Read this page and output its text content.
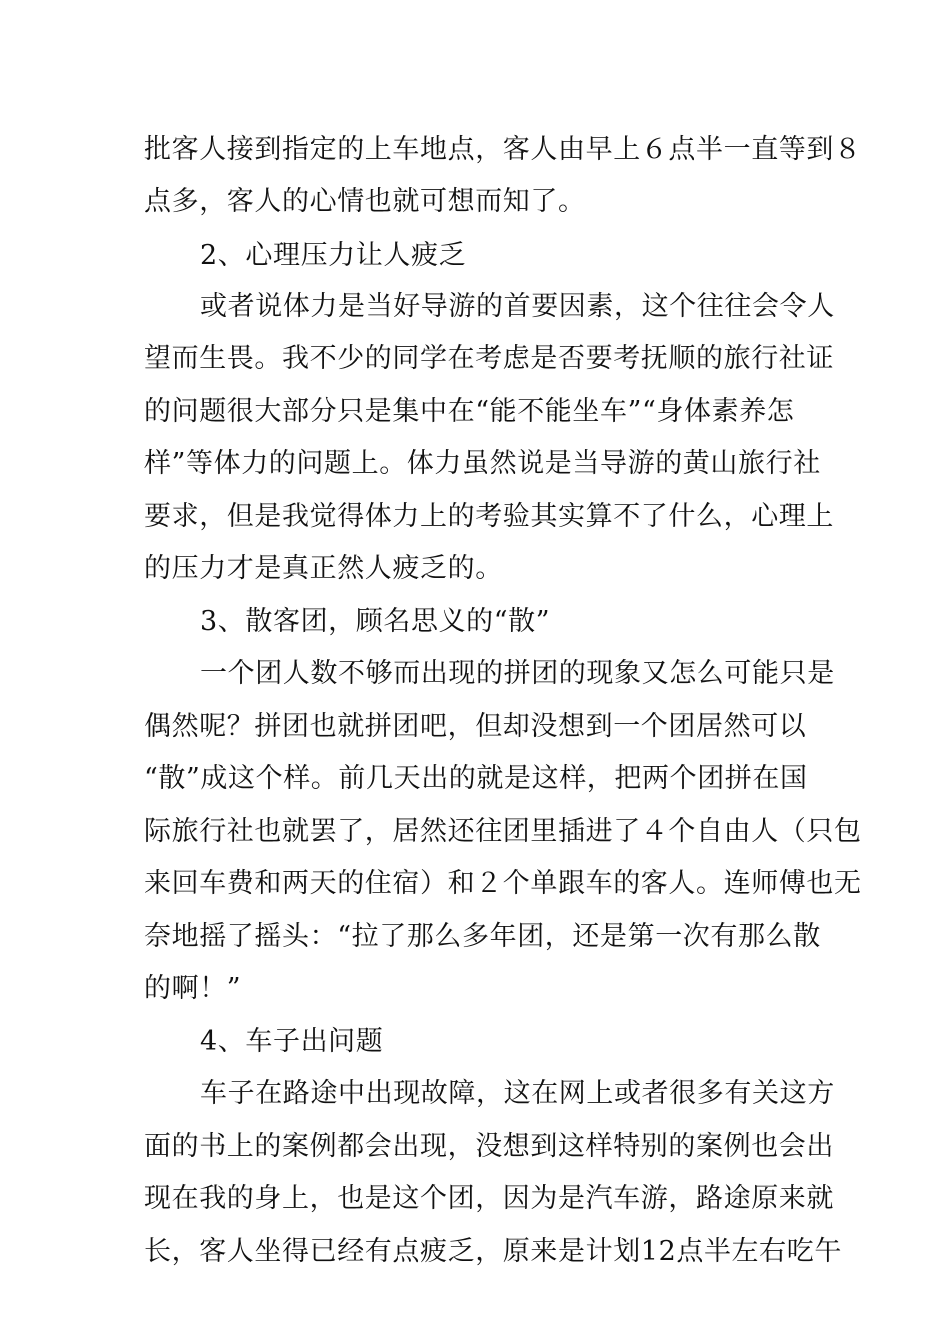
批客人接到指定的上车地点，客人由早上６点半一直等到８
点多，客人的心情也就可想而知了。
2、心理压力让人疲乏
或者说体力是当好导游的首要因素，这个往往会令人
望而生畏。我不少的同学在考虑是否要考抚顺的旅行社证
的问题很大部分只是集中在“能不能坐车”“身体素养怎
样”等体力的问题上。体力虽然说是当导游的黄山旅行社
要求，但是我觉得体力上的考验其实算不了什么，心理上
的压力才是真正然人疲乏的。
3、散客团，顾名思义的“散”
一个团人数不够而出现的拼团的现象又怎么可能只是
偶然呢？拼团也就拼团吧，但却没想到一个团居然可以
“散”成这个样。前几天出的就是这样，把两个团拼在国
际旅行社也就罢了，居然还往团里插进了４个自由人（只包
来回车费和两天的住宿）和２个单跟车的客人。连师傅也无
奈地摇了摇头：“拉了那么多年团，还是第一次有那么散
的啊！”
4、车子出问题
车子在路途中出现故障，这在网上或者很多有关这方
面的书上的案例都会出现，没想到这样特别的案例也会出
现在我的身上，也是这个团，因为是汽车游，路途原来就
长，客人坐得已经有点疲乏，原来是计划12点半左右吃午
